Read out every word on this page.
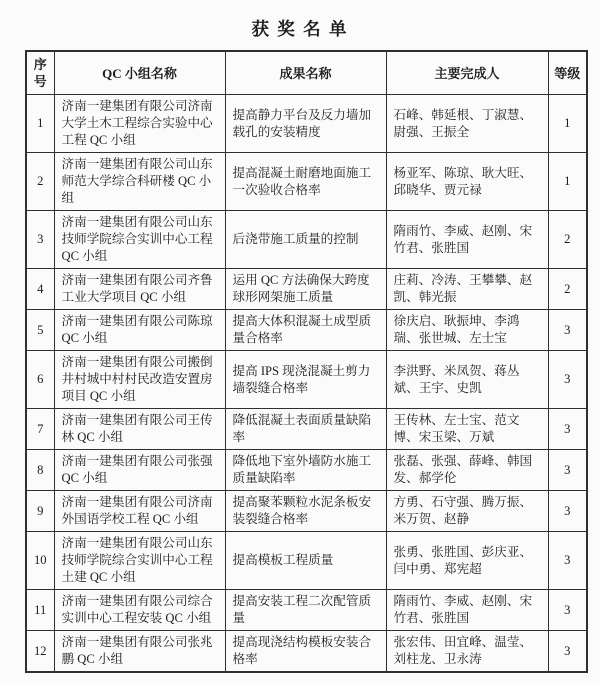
获 奖 名 单
序号	QC 小组名称	成果名称	主要完成人	等级
1	济南一建集团有限公司济南大学土木工程综合实验中心工程 QC 小组	提高静力平台及反力墙加载孔的安装精度	石峰、韩延根、丁淑慧、尉强、王振全	1
2	济南一建集团有限公司山东师范大学综合科研楼 QC 小组	提高混凝土耐磨地面施工一次验收合格率	杨亚军、陈琼、耿大旺、邱晓华、贾元禄	1
3	济南一建集团有限公司山东技师学院综合实训中心工程 QC 小组	后浇带施工质量的控制	隋雨竹、李威、赵刚、宋竹君、张胜国	2
4	济南一建集团有限公司齐鲁工业大学项目 QC 小组	运用 QC 方法确保大跨度球形网架施工质量	庄莉、冷涛、王攀攀、赵凯、韩光振	2
5	济南一建集团有限公司陈琼 QC 小组	提高大体积混凝土成型质量合格率	徐庆启、耿振坤、李鸿瑞、张世城、左士宝	3
6	济南一建集团有限公司搬倒井村城中村村民改造安置房项目 QC 小组	提高 IPS 现浇混凝土剪力墙裂缝合格率	李洪野、米凤贺、蒋丛斌、王宇、史凯	3
7	济南一建集团有限公司王传林 QC 小组	降低混凝土表面质量缺陷率	王传林、左士宝、范文博、宋玉梁、万斌	3
8	济南一建集团有限公司张强 QC 小组	降低地下室外墙防水施工质量缺陷率	张磊、张强、薛峰、韩国发、郝学伦	3
9	济南一建集团有限公司济南外国语学校工程 QC 小组	提高聚苯颗粒水泥条板安装裂缝合格率	方勇、石守强、腾万振、米万贺、赵静	3
10	济南一建集团有限公司山东技师学院综合实训中心工程土建 QC 小组	提高模板工程质量	张勇、张胜国、彭庆亚、闫中勇、郑宪超	3
11	济南一建集团有限公司综合实训中心工程安装 QC 小组	提高安装工程二次配管质量	隋雨竹、李威、赵刚、宋竹君、张胜国	3
12	济南一建集团有限公司张兆鹏 QC 小组	提高现浇结构模板安装合格率	张宏伟、田宜峰、温莹、刘柱龙、卫永涛	3
